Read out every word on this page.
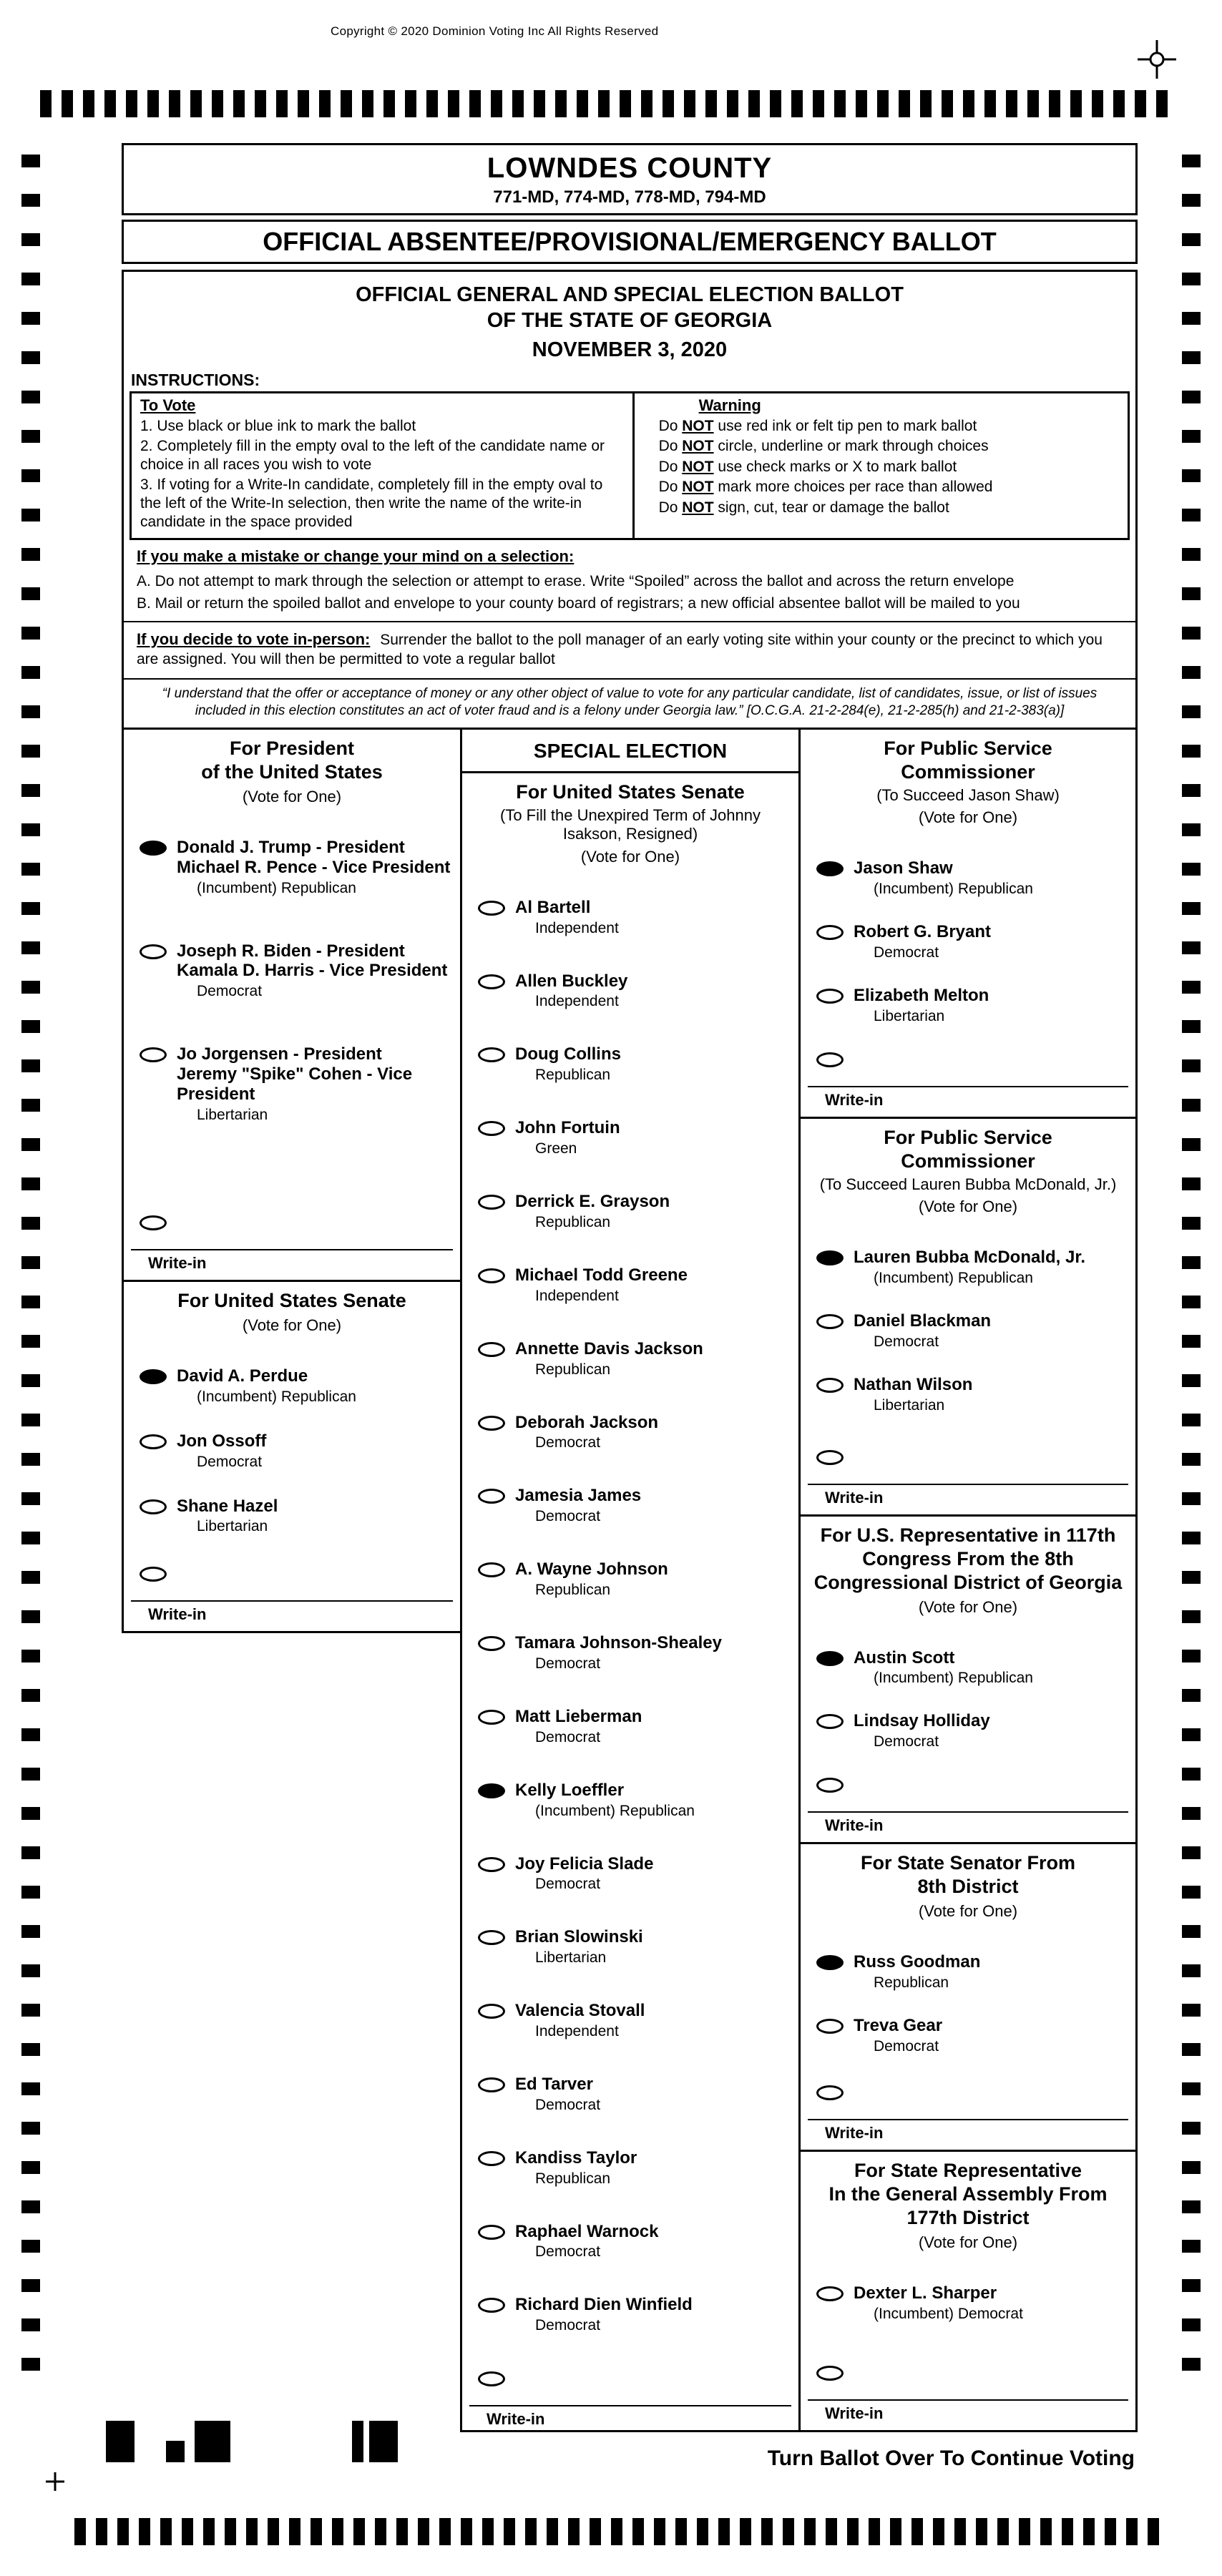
Copyright © 2020 Dominion Voting Inc All Rights Reserved
LOWNDES COUNTY
771-MD, 774-MD, 778-MD, 794-MD
OFFICIAL ABSENTEE/PROVISIONAL/EMERGENCY BALLOT
OFFICIAL GENERAL AND SPECIAL ELECTION BALLOT
OF THE STATE OF GEORGIA
NOVEMBER 3, 2020
INSTRUCTIONS:
To Vote
1. Use black or blue ink to mark the ballot
2. Completely fill in the empty oval to the left of the candidate name or choice in all races you wish to vote
3. If voting for a Write-In candidate, completely fill in the empty oval to the left of the Write-In selection, then write the name of the write-in candidate in the space provided
Warning
Do NOT use red ink or felt tip pen to mark ballot
Do NOT circle, underline or mark through choices
Do NOT use check marks or X to mark ballot
Do NOT mark more choices per race than allowed
Do NOT sign, cut, tear or damage the ballot
If you make a mistake or change your mind on a selection:
A. Do not attempt to mark through the selection or attempt to erase. Write “Spoiled” across the ballot and across the return envelope
B. Mail or return the spoiled ballot and envelope to your county board of registrars; a new official absentee ballot will be mailed to you
If you decide to vote in-person: Surrender the ballot to the poll manager of an early voting site within your county or the precinct to which you are assigned. You will then be permitted to vote a regular ballot
“I understand that the offer or acceptance of money or any other object of value to vote for any particular candidate, list of candidates, issue, or list of issues included in this election constitutes an act of voter fraud and is a felony under Georgia law.” [O.C.G.A. 21-2-284(e), 21-2-285(h) and 21-2-383(a)]
For President
of the United States
(Vote for One)
Donald J. Trump - President
Michael R. Pence - Vice President
(Incumbent) Republican
Joseph R. Biden - President
Kamala D. Harris - Vice President
Democrat
Jo Jorgensen - President
Jeremy "Spike" Cohen - Vice President
Libertarian
Write-in
For United States Senate
(Vote for One)
David A. Perdue
(Incumbent) Republican
Jon Ossoff
Democrat
Shane Hazel
Libertarian
Write-in
SPECIAL ELECTION
For United States Senate
(To Fill the Unexpired Term of Johnny Isakson, Resigned)
(Vote for One)
Al Bartell
Independent
Allen Buckley
Independent
Doug Collins
Republican
John Fortuin
Green
Derrick E. Grayson
Republican
Michael Todd Greene
Independent
Annette Davis Jackson
Republican
Deborah Jackson
Democrat
Jamesia James
Democrat
A. Wayne Johnson
Republican
Tamara Johnson-Shealey
Democrat
Matt Lieberman
Democrat
Kelly Loeffler
(Incumbent) Republican
Joy Felicia Slade
Democrat
Brian Slowinski
Libertarian
Valencia Stovall
Independent
Ed Tarver
Democrat
Kandiss Taylor
Republican
Raphael Warnock
Democrat
Richard Dien Winfield
Democrat
Write-in
For Public Service
Commissioner
(To Succeed Jason Shaw)
(Vote for One)
Jason Shaw
(Incumbent) Republican
Robert G. Bryant
Democrat
Elizabeth Melton
Libertarian
Write-in
For Public Service
Commissioner
(To Succeed Lauren Bubba McDonald, Jr.)
(Vote for One)
Lauren Bubba McDonald, Jr.
(Incumbent) Republican
Daniel Blackman
Democrat
Nathan Wilson
Libertarian
Write-in
For U.S. Representative in 117th
Congress From the 8th
Congressional District of Georgia
(Vote for One)
Austin Scott
(Incumbent) Republican
Lindsay Holliday
Democrat
Write-in
For State Senator From
8th District
(Vote for One)
Russ Goodman
Republican
Treva Gear
Democrat
Write-in
For State Representative
In the General Assembly From
177th District
(Vote for One)
Dexter L. Sharper
(Incumbent) Democrat
Write-in
Turn Ballot Over To Continue Voting
